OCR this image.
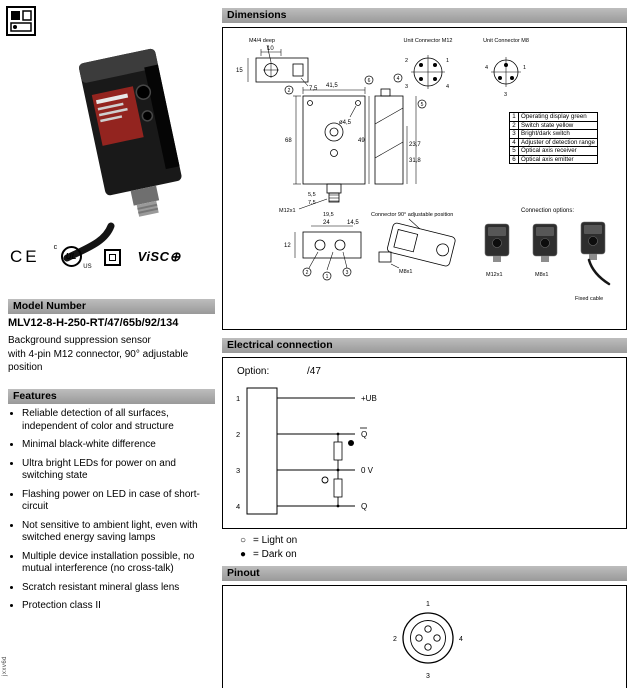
CE c
UL
US
ViSC⊕
Model Number
MLV12-8-H-250-RT/47/65b/92/134
Background suppression sensor
with 4-pin M12 connector, 90° adjustable position
Features
• Reliable detection of all surfaces, independent of color and structure
• Minimal black-white difference
• Ultra bright LEDs for power on and switching state
• Flashing power on LED in case of short-circuit
• Not sensitive to ambient light, even with switched energy saving lamps
• Multiple device installation possible, no mutual interference (no cross-talk)
• Scratch resistant mineral glass lens
• Protection class II
Dimensions
M4/4 deep
10
7,5
15
Unit Connector M12
2	1
3	4
Unit Connector M8
4	1
3
ø4,5
41,5
68
5,5
7,5
19,5
M12x1
2
49
23,7
31,8
6	4
5
24	14,5
12
2
1
3
Connector 90° adjustable position
M8x1
Connection options:
M12x1	M8x1
Fixed cable
1	Operating display green
2	Switch state yellow
3	Bright/dark switch
4	Adjuster of detection range
5	Optical axis receiver
6	Optical axis emitter
Electrical connection
Option:	/47
1	+UB
2	Q
3	0 V
4	Q
○ = Light on
● = Dark on
Pinout
1
2	4
3
jxxv6d
